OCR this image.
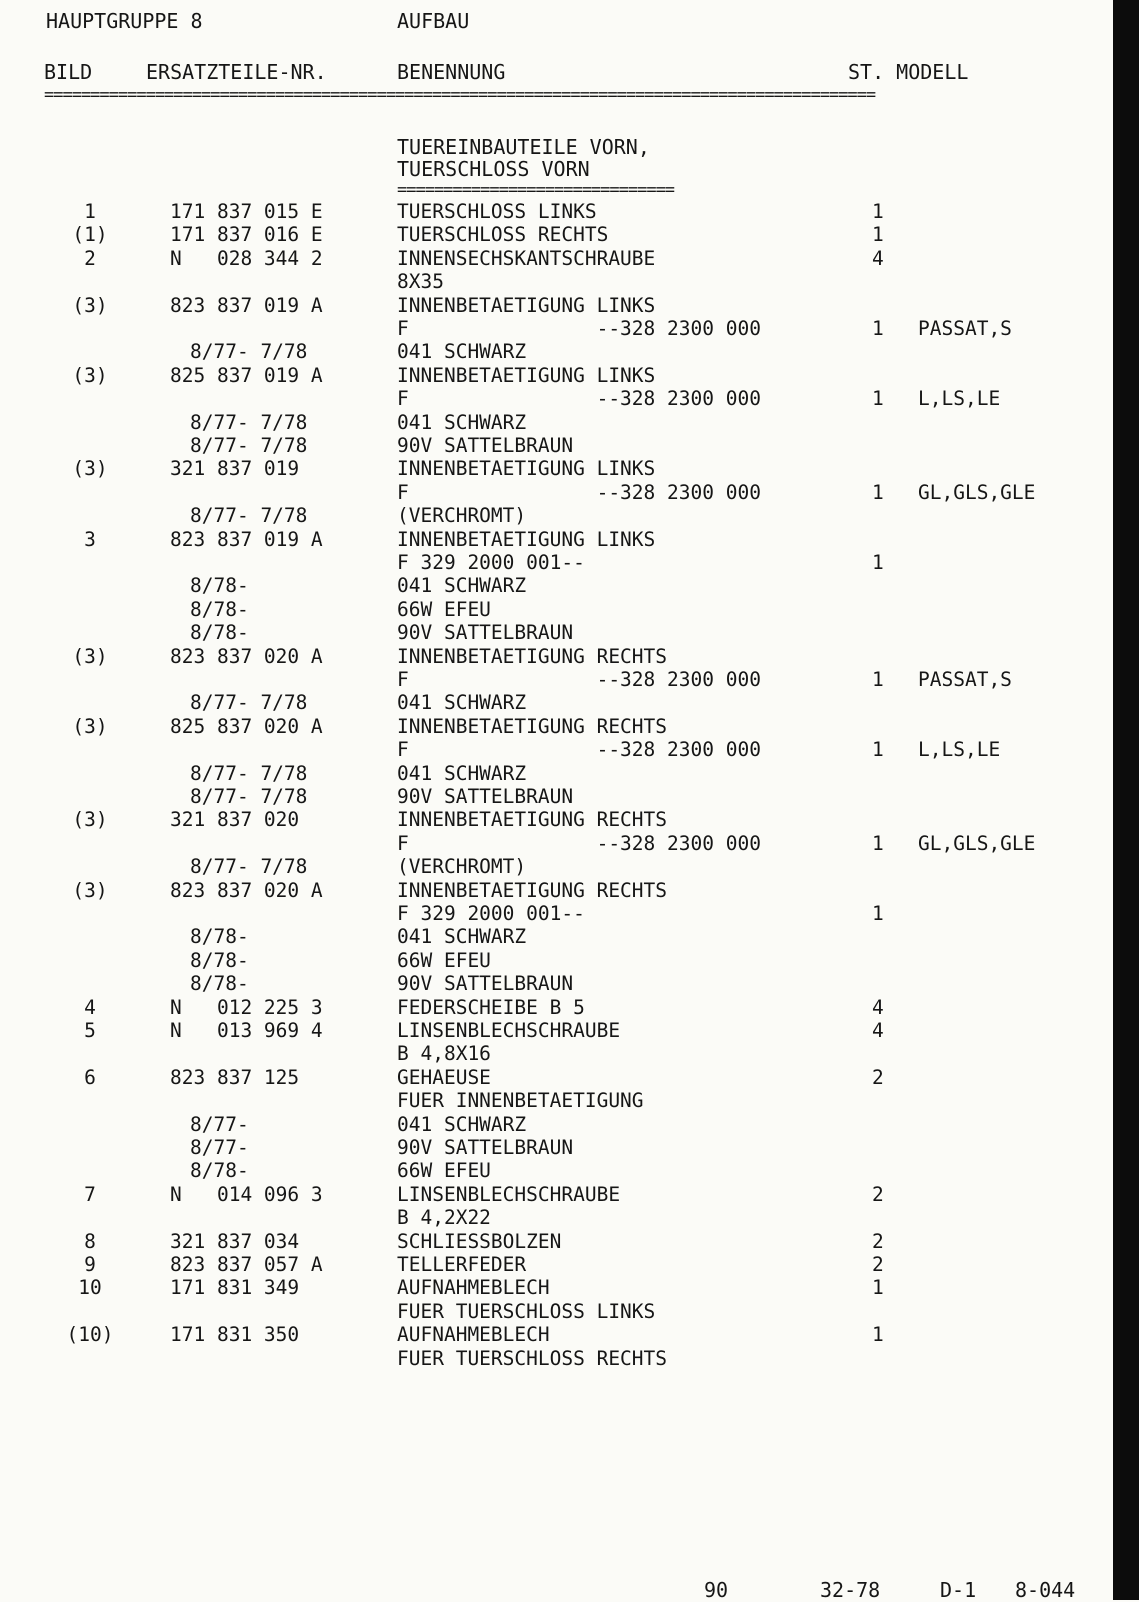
HAUPTGRUPPE 8	AUFBAU
BILD	ERSATZTEILE-NR.	BENENNUNG	ST. MODELL
==========================================================================================
TUEREINBAUTEILE VORN,
TUERSCHLOSS VORN
==============================
1	171 837 015 E	TUERSCHLOSS LINKS	1
(1)	171 837 016 E	TUERSCHLOSS RECHTS	1
2	N   028 344 2	INNENSECHSKANTSCHRAUBE	4
8X35
(3)	823 837 019 A	INNENBETAETIGUNG LINKS
F                --328 2300 000	1 PASSAT,S
8/77- 7/78	041 SCHWARZ
(3)	825 837 019 A	INNENBETAETIGUNG LINKS
F                --328 2300 000	1 L,LS,LE
8/77- 7/78	041 SCHWARZ
8/77- 7/78	90V SATTELBRAUN
(3)	321 837 019	INNENBETAETIGUNG LINKS
F                --328 2300 000	1 GL,GLS,GLE
8/77- 7/78	(VERCHROMT)
3	823 837 019 A	INNENBETAETIGUNG LINKS
F 329 2000 001--	1
8/78-	041 SCHWARZ
8/78-	66W EFEU
8/78-	90V SATTELBRAUN
(3)	823 837 020 A	INNENBETAETIGUNG RECHTS
F                --328 2300 000	1 PASSAT,S
8/77- 7/78	041 SCHWARZ
(3)	825 837 020 A	INNENBETAETIGUNG RECHTS
F                --328 2300 000	1 L,LS,LE
8/77- 7/78	041 SCHWARZ
8/77- 7/78	90V SATTELBRAUN
(3)	321 837 020	INNENBETAETIGUNG RECHTS
F                --328 2300 000	1 GL,GLS,GLE
8/77- 7/78	(VERCHROMT)
(3)	823 837 020 A	INNENBETAETIGUNG RECHTS
F 329 2000 001--	1
8/78-	041 SCHWARZ
8/78-	66W EFEU
8/78-	90V SATTELBRAUN
4	N   012 225 3	FEDERSCHEIBE B 5	4
5	N   013 969 4	LINSENBLECHSCHRAUBE	4
B 4,8X16
6	823 837 125	GEHAEUSE	2
FUER INNENBETAETIGUNG
8/77-	041 SCHWARZ
8/77-	90V SATTELBRAUN
8/78-	66W EFEU
7	N   014 096 3	LINSENBLECHSCHRAUBE	2
B 4,2X22
8	321 837 034	SCHLIESSBOLZEN	2
9	823 837 057 A	TELLERFEDER	2
10	171 831 349	AUFNAHMEBLECH	1
FUER TUERSCHLOSS LINKS
(10)	171 831 350	AUFNAHMEBLECH	1
FUER TUERSCHLOSS RECHTS
90	32-78	D-1 8-044
